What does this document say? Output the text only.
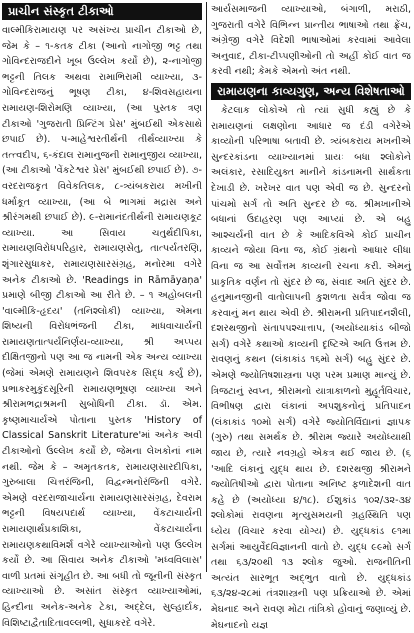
પ્રાચીન સંસ્કૃત ટીકાઓ

વાલ્મીકિરામાયણ પર અસંખ્ય પ્રાચીન ટીકાઓ છે, જેમ કે – ૧-કતક ટીકા (આનો નાગોજી ભટ્ટ તથા ગોવિન્દરાજદીને ખૂબ ઉલ્લેખ કર્યો છે), ૨-નાગોજી ભટ્ટની તિલક અથવા રામાભિરામી વ્યાખ્યા, ૩-ગોવિન્દરાજનું ભૂષણ ટીકા, ૪-શિવસહાયના રામાયણ-શિરોમણિ વ્યાખ્યા, (આ પુસ્તક ત્રણ ટીકાઓ 'ગુજરાતી પ્રિન્ટિંગ પ્રેસ' મુંબઈથી એકસાથે છપાઈ છે). ૫-માહેશ્વરતીર્થની તીર્થવ્યાખ્યા કે તત્ત્વદીપ, ૬-કંદાલ રામાનુજની રામાનુજીય વ્યાખ્યા, (આ ટીકાઓ 'વેંકટેશ્વર પ્રેસ' મુંબઈથી છપાઈ છે). ૭-વરદરાજકૃત વિવેકતિલક, ૮-ત્ર્યંબકરાય મખીની ધર્માકૂત વ્યાખ્યા, (આ બે ભાગમાં મદ્રાસ અને શ્રીરંગમથી છપાઈ છે). ૯-રામાનંદતીર્થની રામાયણકૂટ વ્યાખ્યા. આ સિવાય ચતુર્થદીપિકા, રામાયણવિરોધપરિહાર, રામાયણસેતુ, તાત્પર્યતરણિ, શૃંગારસુધાકર, રામાયણસારસંગ્રહ, મનોરમા વગેરે અનેક ટીકાઓ છે. 'Readings in Rāmāyaṇa' પ્રમાણે બીજી ટીકાઓ આ રીતે છે. – ૧ અહોબલની 'વાલ્મીકિ-હૃદય' (તનિશ્લોકી) વ્યાખ્યા, એમના શિષ્યની વિરોધભંજની ટીકા, માધવાચાર્યની રામાયણતાત્પર્યનિર્ણય-વ્યાખ્યા, શ્રી અપ્પય દીક્ષિતજીનો પણ આ જ નામની એક અન્ય વ્યાખ્યા (જેમાં એમણે રામાયણને શિવપરક સિદ્ધ કર્યું છે), પ્રભાકરમુકુંદસૂરિની રામાયણભૂષણ વ્યાખ્યા અને શ્રીરામભદ્રાશ્રમની સુબોધિની ટીકા. ડૉ. એમ. કૃષ્ણમાચાર્યએ પોતાના પુસ્તક 'History of Classical Sanskrit Literature'માં અનેક અવી ટીકાઓનો ઉલ્લેખ કર્યો છે, જેમના લેખકોનાં નામ નથી. જેમ કે – અમૃતકતક, રામાયણસારદીપિકા, ગુરુબાલા ચિત્તરંજિની, વિદ્વન્મનોરંજિની વગેરે. એમણે વરદરાજાચાર્યના રામાયણસારસંગ્રહ, દેવરામ ભટ્ટની વિષયપદાર્થ વ્યાખ્યા, વેંકટાચાર્યની રામાયણાર્થપ્રકાશિકા, વેંકટાચાર્યના રામાયણકથાવિમર્શ વગેરે વ્યાખ્યાઓનો પણ ઉલ્લેખ કર્યો છે. આ સિવાય અનેક ટીકાઓ 'મધ્વવિલાસ' વાળી પ્રતમાં સંગૃહીત છે. આ બધી તો જૂનીની સંસ્કૃત વ્યાખ્યાઓ છે. અસાંત સંસ્કૃત વ્યાખ્યાઓમાં, હિન્દીના અનેક-અનેક ટેકા, અદ્દેલ, સુલ્હાર્દાક, વિશિષ્ટાદ્વૈતાદિતાવલ્લભી, સુધાકરદે વગેરે.

આર્યસમાજની વ્યાખ્યાઓ, બંગાળી, મરાઠી, ગુજરાતી વગેરે વિભિન્ન પ્રાન્તીય ભાષાઓ તથા ફ્રેંચ, અંગ્રેજી વગેરે વિદેશી ભાષાઓમાં કરવામાં આવેલા અનુવાદ, ટીકા-ટીપ્પણીઓની તો અહીં કોઈ વાત જ કરવી નથી; કેમકે એમનો અંત નથી.

રામાયણના કાવ્યગુણ, અન્ય વિશેષતાઓ

કેટલાક લોકોએ તો ત્યાં સુધી કહ્યું છે કે રામાયણનાં લક્ષણોના આધાર જ દંડી વગેરેએ કાવ્યોની પરિભાષા બતાવી છે. ત્ર્યંબકરાય મખનીએ સુન્દરકાંડના વ્યાખ્યાનમાં પ્રાયઃ બધા શ્લોકોને અલંકાર, રસાદિયુક્ત માનીને કાંડનામની સાર્થકતા દેખાડી છે. ખરેખર વાત પણ એવી જ છે. સુન્દરનો પાંચમો સર્ગ તો અતિ સુન્દર છે જ. શ્રીમખાનીએ બધાનાં ઉદાહરણ પણ આપ્યાં છે. એ બહુ આશ્ચર્યની વાત છે કે આદિકવિએ કોઈ પ્રાચીન કાવ્યને જોયા વિના જ, કોઈ ગ્રંથનો આધાર લીધા વિના જ આ સર્વોત્તમ કાવ્યની રચના કરી. એમનું પ્રાકૃતિક વર્ણન તો સુંદર છે જ, સંવાદ અતિ સુંદર છે. હનુમાનજીની વાતોલાપની કુશળતા સર્વત્ર જોવા જ કરવાનું મન થાય એવી છે. શ્રીરામની પ્રતિપાદનશૈલી, દશરથજીનો સંતાપપશ્ચાત્તાપ, (અયોધ્યાકાંડ બીજો સર્ગ) વગેરે કથાઓ કાવ્યની દૃષ્ટિએ અતિ ઉત્તમ છે. રાવણનું કથન (લંકાકાંડ ૧૬મો સર્ગ) બહુ સુંદર છે. એમણે જ્યોતિષશાસ્ત્રના પણ પરમ પ્રમાણ માન્યું છે. ત્રિજટાનું સ્વપ્ન, શ્રીરામનો યાત્રાકાળનો મુહૂર્તવિચાર, વિભીષણ દ્વારા લંકાનાં અપશુકનોનું પ્રતિપાદન (લંકાકાંડ ૧૦મો સર્ગ) વગેરે જ્યોતિર્વિદ્યાનાં જ્ઞાપક (ગુરુ) તથા સમર્થક છે. શ્રીરામ જ્યારે અયોધ્યાથી જાય છે, ત્યારે નવગ્રહો એકત્ર થઈ જાય છે. (૬ 'આદિ લંકાનું યુદ્ધ થાય છે. દશરથજી શ્રીરામને જ્યોતિષીઓ દ્વારા પોતાના અનિષ્ટ ફળાદેશની વાત કહે છે (અયોધ્યા ૪/૧૮). ઈશુકાંડ ૧૦૨/૩૨-૩૪ શ્લોકોમાં રાવણના મૃત્યુસમયની ગ્રહસ્થિતિ પણ ધ્યેય (વિચાર કરવા યોગ્ય) છે. યુદ્ધકાંડ ૯૧મા સર્ગમાં આયુર્વેદવિજ્ઞાનની વાતો છે. યુદ્ધ ૯૯મો સર્ગ તથા ૬૩/૨૦થી ૧૩ શ્લોક જુઓ. રાજનીતિની અત્યંત સારભૂત અદ્ભુત વાતો છે. યુદ્ધકાંડ ૬૩/૨૪-૨૮માં તંત્રશાસ્ત્રની પણ પ્રક્રિયાઓ છે. એમાં મેઘનાદ અને રાવણ મોટા તાંત્રિકો હોવાનું જણાવ્યું છે. મેઘનાદનો યજ્ઞ
